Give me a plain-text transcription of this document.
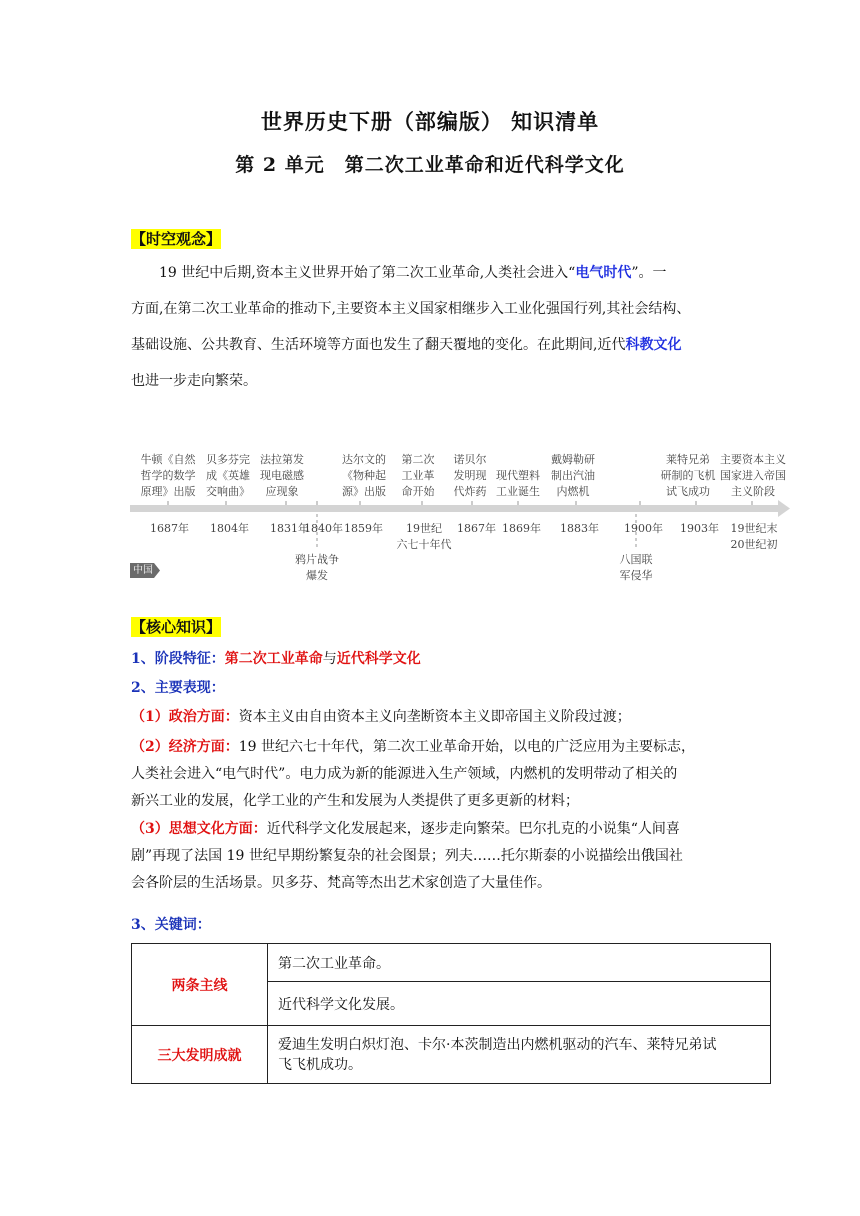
世界历史下册（部编版） 知识清单
第 2 单元　第二次工业革命和近代科学文化
【时空观念】
19 世纪中后期,资本主义世界开始了第二次工业革命,人类社会进入“电气时代”。一
方面,在第二次工业革命的推动下,主要资本主义国家相继步入工业化强国行列,其社会结构、
基础设施、公共教育、生活环境等方面也发生了翻天覆地的变化。在此期间,近代科教文化
也进一步走向繁荣。
中国
牛顿《自然
哲学的数学
原理》出版
贝多芬完
成《英雄
交响曲》
法拉第发
现电磁感
应现象
达尔文的
《物种起
源》出版
第二次
工业革
命开始
诺贝尔
发明现
代炸药
现代塑料
工业诞生
戴姆勒研
制出汽油
内燃机
莱特兄弟
研制的飞机
试飞成功
主要资本主义
国家进入帝国
主义阶段
1687年 1804年 1831年
1840年 1859年	19世纪
六七十年代
1867年 1869年 1883年 1900年 1903年	19世纪末
20世纪初
鸦片战争
爆发
八国联
军侵华
【核心知识】
1、阶段特征：第二次工业革命与近代科学文化
2、主要表现：
（1）政治方面：资本主义由自由资本主义向垄断资本主义即帝国主义阶段过渡；
（2）经济方面：19 世纪六七十年代，第二次工业革命开始，以电的广泛应用为主要标志，
人类社会进入“电气时代”。电力成为新的能源进入生产领域，内燃机的发明带动了相关的
新兴工业的发展，化学工业的产生和发展为人类提供了更多更新的材料；
（3）思想文化方面：近代科学文化发展起来，逐步走向繁荣。巴尔扎克的小说集“人间喜
剧”再现了法国 19 世纪早期纷繁复杂的社会图景；列夫……托尔斯泰的小说描绘出俄国社
会各阶层的生活场景。贝多芬、梵高等杰出艺术家创造了大量佳作。
3、关键词：
两条主线	第二次工业革命。
	近代科学文化发展。
三大发明成就	爱迪生发明白炽灯泡、卡尔·本茨制造出内燃机驱动的汽车、莱特兄弟试
飞飞机成功。
